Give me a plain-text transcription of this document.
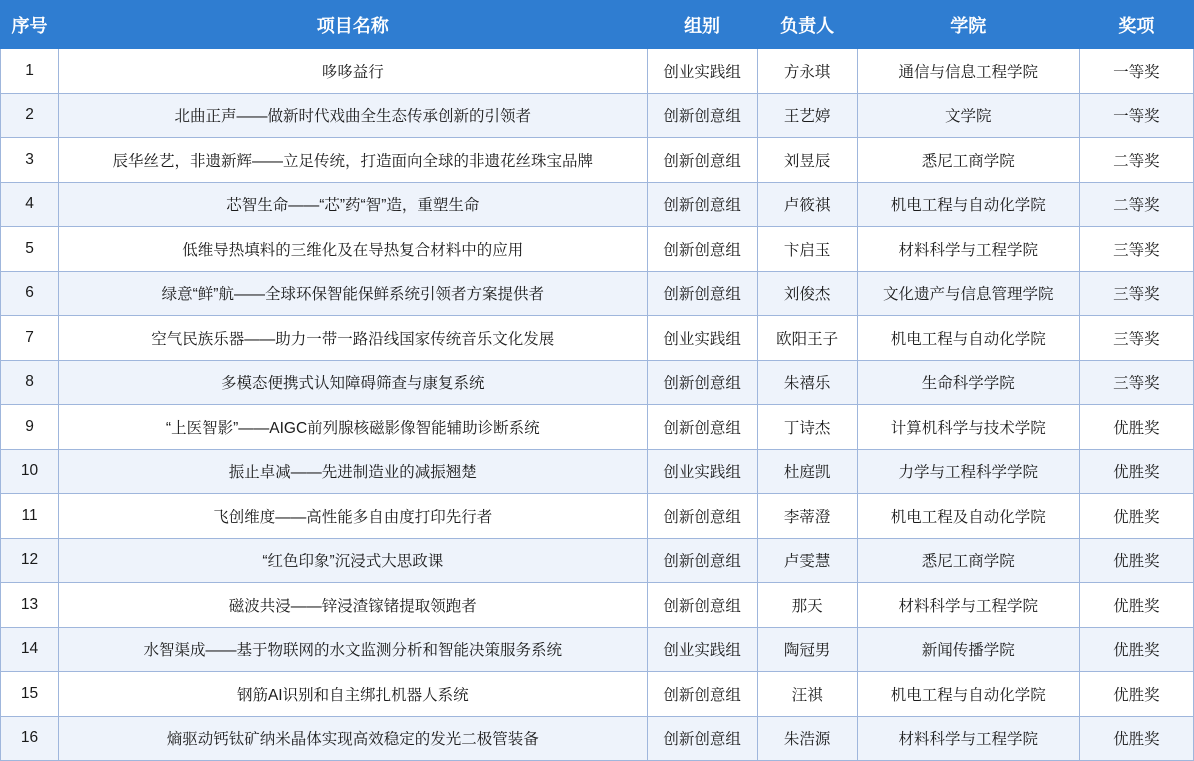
序号	项目名称	组别	负责人	学院	奖项
1	哆哆益行	创业实践组	方永琪	通信与信息工程学院	一等奖
2	北曲正声——做新时代戏曲全生态传承创新的引领者	创新创意组	王艺婷	文学院	一等奖
3	辰华丝艺，非遗新辉——立足传统，打造面向全球的非遗花丝珠宝品牌	创新创意组	刘昱辰	悉尼工商学院	二等奖
4	芯智生命——“芯”药“智”造，重塑生命	创新创意组	卢筱祺	机电工程与自动化学院	二等奖
5	低维导热填料的三维化及在导热复合材料中的应用	创新创意组	卞启玉	材料科学与工程学院	三等奖
6	绿意“鲜”航——全球环保智能保鲜系统引领者方案提供者	创新创意组	刘俊杰	文化遗产与信息管理学院	三等奖
7	空气民族乐器——助力一带一路沿线国家传统音乐文化发展	创业实践组	欧阳王子	机电工程与自动化学院	三等奖
8	多模态便携式认知障碍筛查与康复系统	创新创意组	朱禧乐	生命科学学院	三等奖
9	“上医智影”——AIGC前列腺核磁影像智能辅助诊断系统	创新创意组	丁诗杰	计算机科学与技术学院	优胜奖
10	振止卓减——先进制造业的减振翘楚	创业实践组	杜庭凯	力学与工程科学学院	优胜奖
11	飞创维度——高性能多自由度打印先行者	创新创意组	李蒂澄	机电工程及自动化学院	优胜奖
12	“红色印象”沉浸式大思政课	创新创意组	卢雯慧	悉尼工商学院	优胜奖
13	磁波共浸——锌浸渣镓锗提取领跑者	创新创意组	那天	材料科学与工程学院	优胜奖
14	水智渠成——基于物联网的水文监测分析和智能决策服务系统	创业实践组	陶冠男	新闻传播学院	优胜奖
15	钢筋AI识别和自主绑扎机器人系统	创新创意组	汪祺	机电工程与自动化学院	优胜奖
16	熵驱动钙钛矿纳米晶体实现高效稳定的发光二极管装备	创新创意组	朱浩源	材料科学与工程学院	优胜奖
